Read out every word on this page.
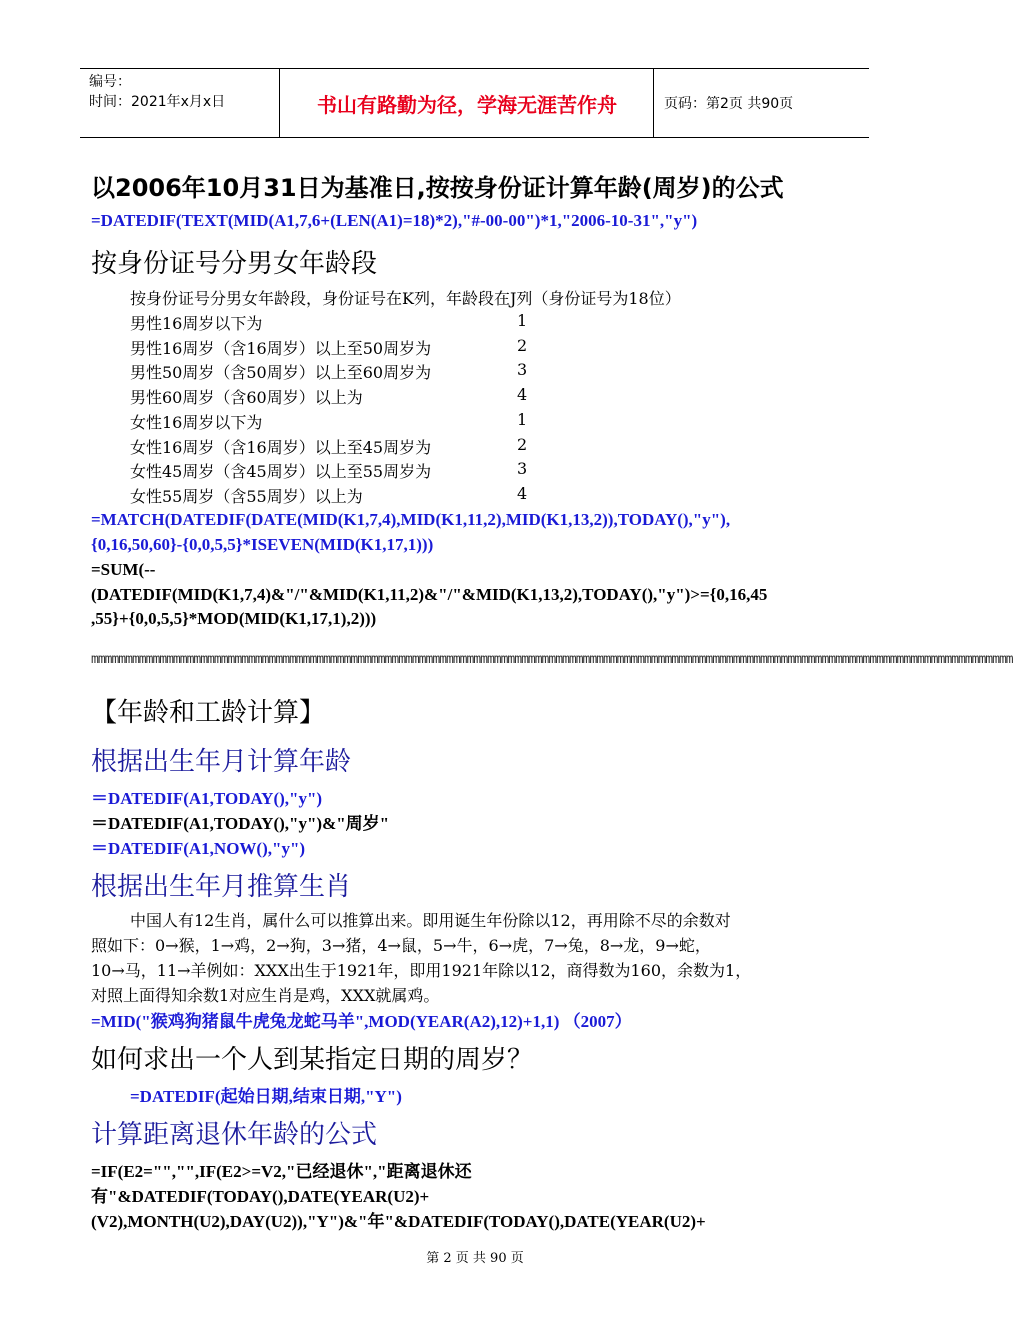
编号：
时间：2021年x月x日	书山有路勤为径，学海无涯苦作舟	页码：第2页 共90页
以2006年10月31日为基准日,按按身份证计算年龄(周岁)的公式
=DATEDIF(TEXT(MID(A1,7,6+(LEN(A1)=18)*2),"#-00-00")*1,"2006-10-31","y")
按身份证号分男女年龄段
按身份证号分男女年龄段，身份证号在K列，年龄段在J列（身份证号为18位）
男性16周岁以下为	1
男性16周岁（含16周岁）以上至50周岁为	2
男性50周岁（含50周岁）以上至60周岁为	3
男性60周岁（含60周岁）以上为	4
女性16周岁以下为	1
女性16周岁（含16周岁）以上至45周岁为	2
女性45周岁（含45周岁）以上至55周岁为	3
女性55周岁（含55周岁）以上为	4
=MATCH(DATEDIF(DATE(MID(K1,7,4),MID(K1,11,2),MID(K1,13,2)),TODAY(),"y"),
{0,16,50,60}-{0,0,5,5}*ISEVEN(MID(K1,17,1)))
=SUM(--
(DATEDIF(MID(K1,7,4)&"/"&MID(K1,11,2)&"/"&MID(K1,13,2),TODAY(),"y")>={0,16,45
,55}+{0,0,5,5}*MOD(MID(K1,17,1),2)))
mmmmmmmmmmmmmmmmmmmmmmmmmmmmmmmmmmmmmmmmmmmmmmmmmmmmmmmmmmmmmmmmmmmmmmmmmmmmmmmmmmmmmmmmmmmmmmmmmmmmmmmmmmmmmmmmmmmmmmmmmmmmmmmmmmmmmmm
【年龄和工龄计算】
根据出生年月计算年龄
＝DATEDIF(A1,TODAY(),"y")
＝DATEDIF(A1,TODAY(),"y")&"周岁"
＝DATEDIF(A1,NOW(),"y")
根据出生年月推算生肖
中国人有12生肖，属什么可以推算出来。即用诞生年份除以12，再用除不尽的余数对
照如下：0→猴，1→鸡，2→狗，3→猪，4→鼠，5→牛，6→虎，7→兔，8→龙，9→蛇，
10→马，11→羊例如：XXX出生于1921年，即用1921年除以12，商得数为160，余数为1，
对照上面得知余数1对应生肖是鸡，XXX就属鸡。
=MID("猴鸡狗猪鼠牛虎兔龙蛇马羊",MOD(YEAR(A2),12)+1,1) （2007）
如何求出一个人到某指定日期的周岁？
=DATEDIF(起始日期,结束日期,"Y")
计算距离退休年龄的公式
=IF(E2="","",IF(E2>=V2,"已经退休","距离退休还
有"&DATEDIF(TODAY(),DATE(YEAR(U2)+
(V2),MONTH(U2),DAY(U2)),"Y")&"年"&DATEDIF(TODAY(),DATE(YEAR(U2)+
第 2 页 共 90 页
